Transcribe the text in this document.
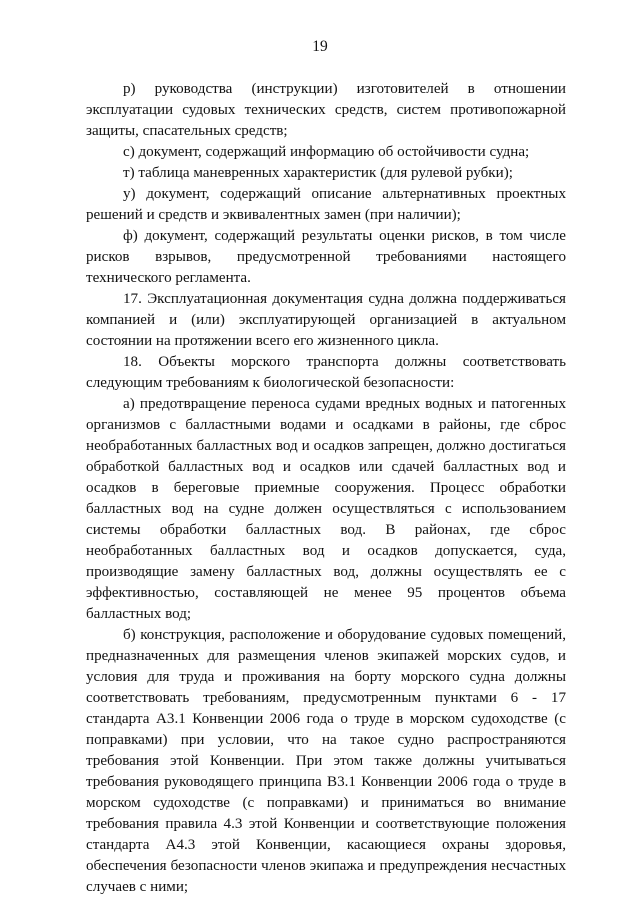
19

р) руководства (инструкции) изготовителей в отношении эксплуатации судовых технических средств, систем противопожарной защиты, спасательных средств;

с) документ, содержащий информацию об остойчивости судна;

т) таблица маневренных характеристик (для рулевой рубки);

у) документ, содержащий описание альтернативных проектных решений и средств и эквивалентных замен (при наличии);

ф) документ, содержащий результаты оценки рисков, в том числе рисков взрывов, предусмотренной требованиями настоящего технического регламента.

17. Эксплуатационная документация судна должна поддерживаться компанией и (или) эксплуатирующей организацией в актуальном состоянии на протяжении всего его жизненного цикла.

18. Объекты морского транспорта должны соответствовать следующим требованиям к биологической безопасности:

а) предотвращение переноса судами вредных водных и патогенных организмов с балластными водами и осадками в районы, где сброс необработанных балластных вод и осадков запрещен, должно достигаться обработкой балластных вод и осадков или сдачей балластных вод и осадков в береговые приемные сооружения. Процесс обработки балластных вод на судне должен осуществляться с использованием системы обработки балластных вод. В районах, где сброс необработанных балластных вод и осадков допускается, суда, производящие замену балластных вод, должны осуществлять ее с эффективностью, составляющей не менее 95 процентов объема балластных вод;

б) конструкция, расположение и оборудование судовых помещений, предназначенных для размещения членов экипажей морских судов, и условия для труда и проживания на борту морского судна должны соответствовать требованиям, предусмотренным пунктами 6 - 17 стандарта А3.1 Конвенции 2006 года о труде в морском судоходстве (с поправками) при условии, что на такое судно распространяются требования этой Конвенции. При этом также должны учитываться требования руководящего принципа В3.1 Конвенции 2006 года о труде в морском судоходстве (с поправками) и приниматься во внимание требования правила 4.3 этой Конвенции и соответствующие положения стандарта А4.3 этой Конвенции, касающиеся охраны здоровья, обеспечения безопасности членов экипажа и предупреждения несчастных случаев с ними;
